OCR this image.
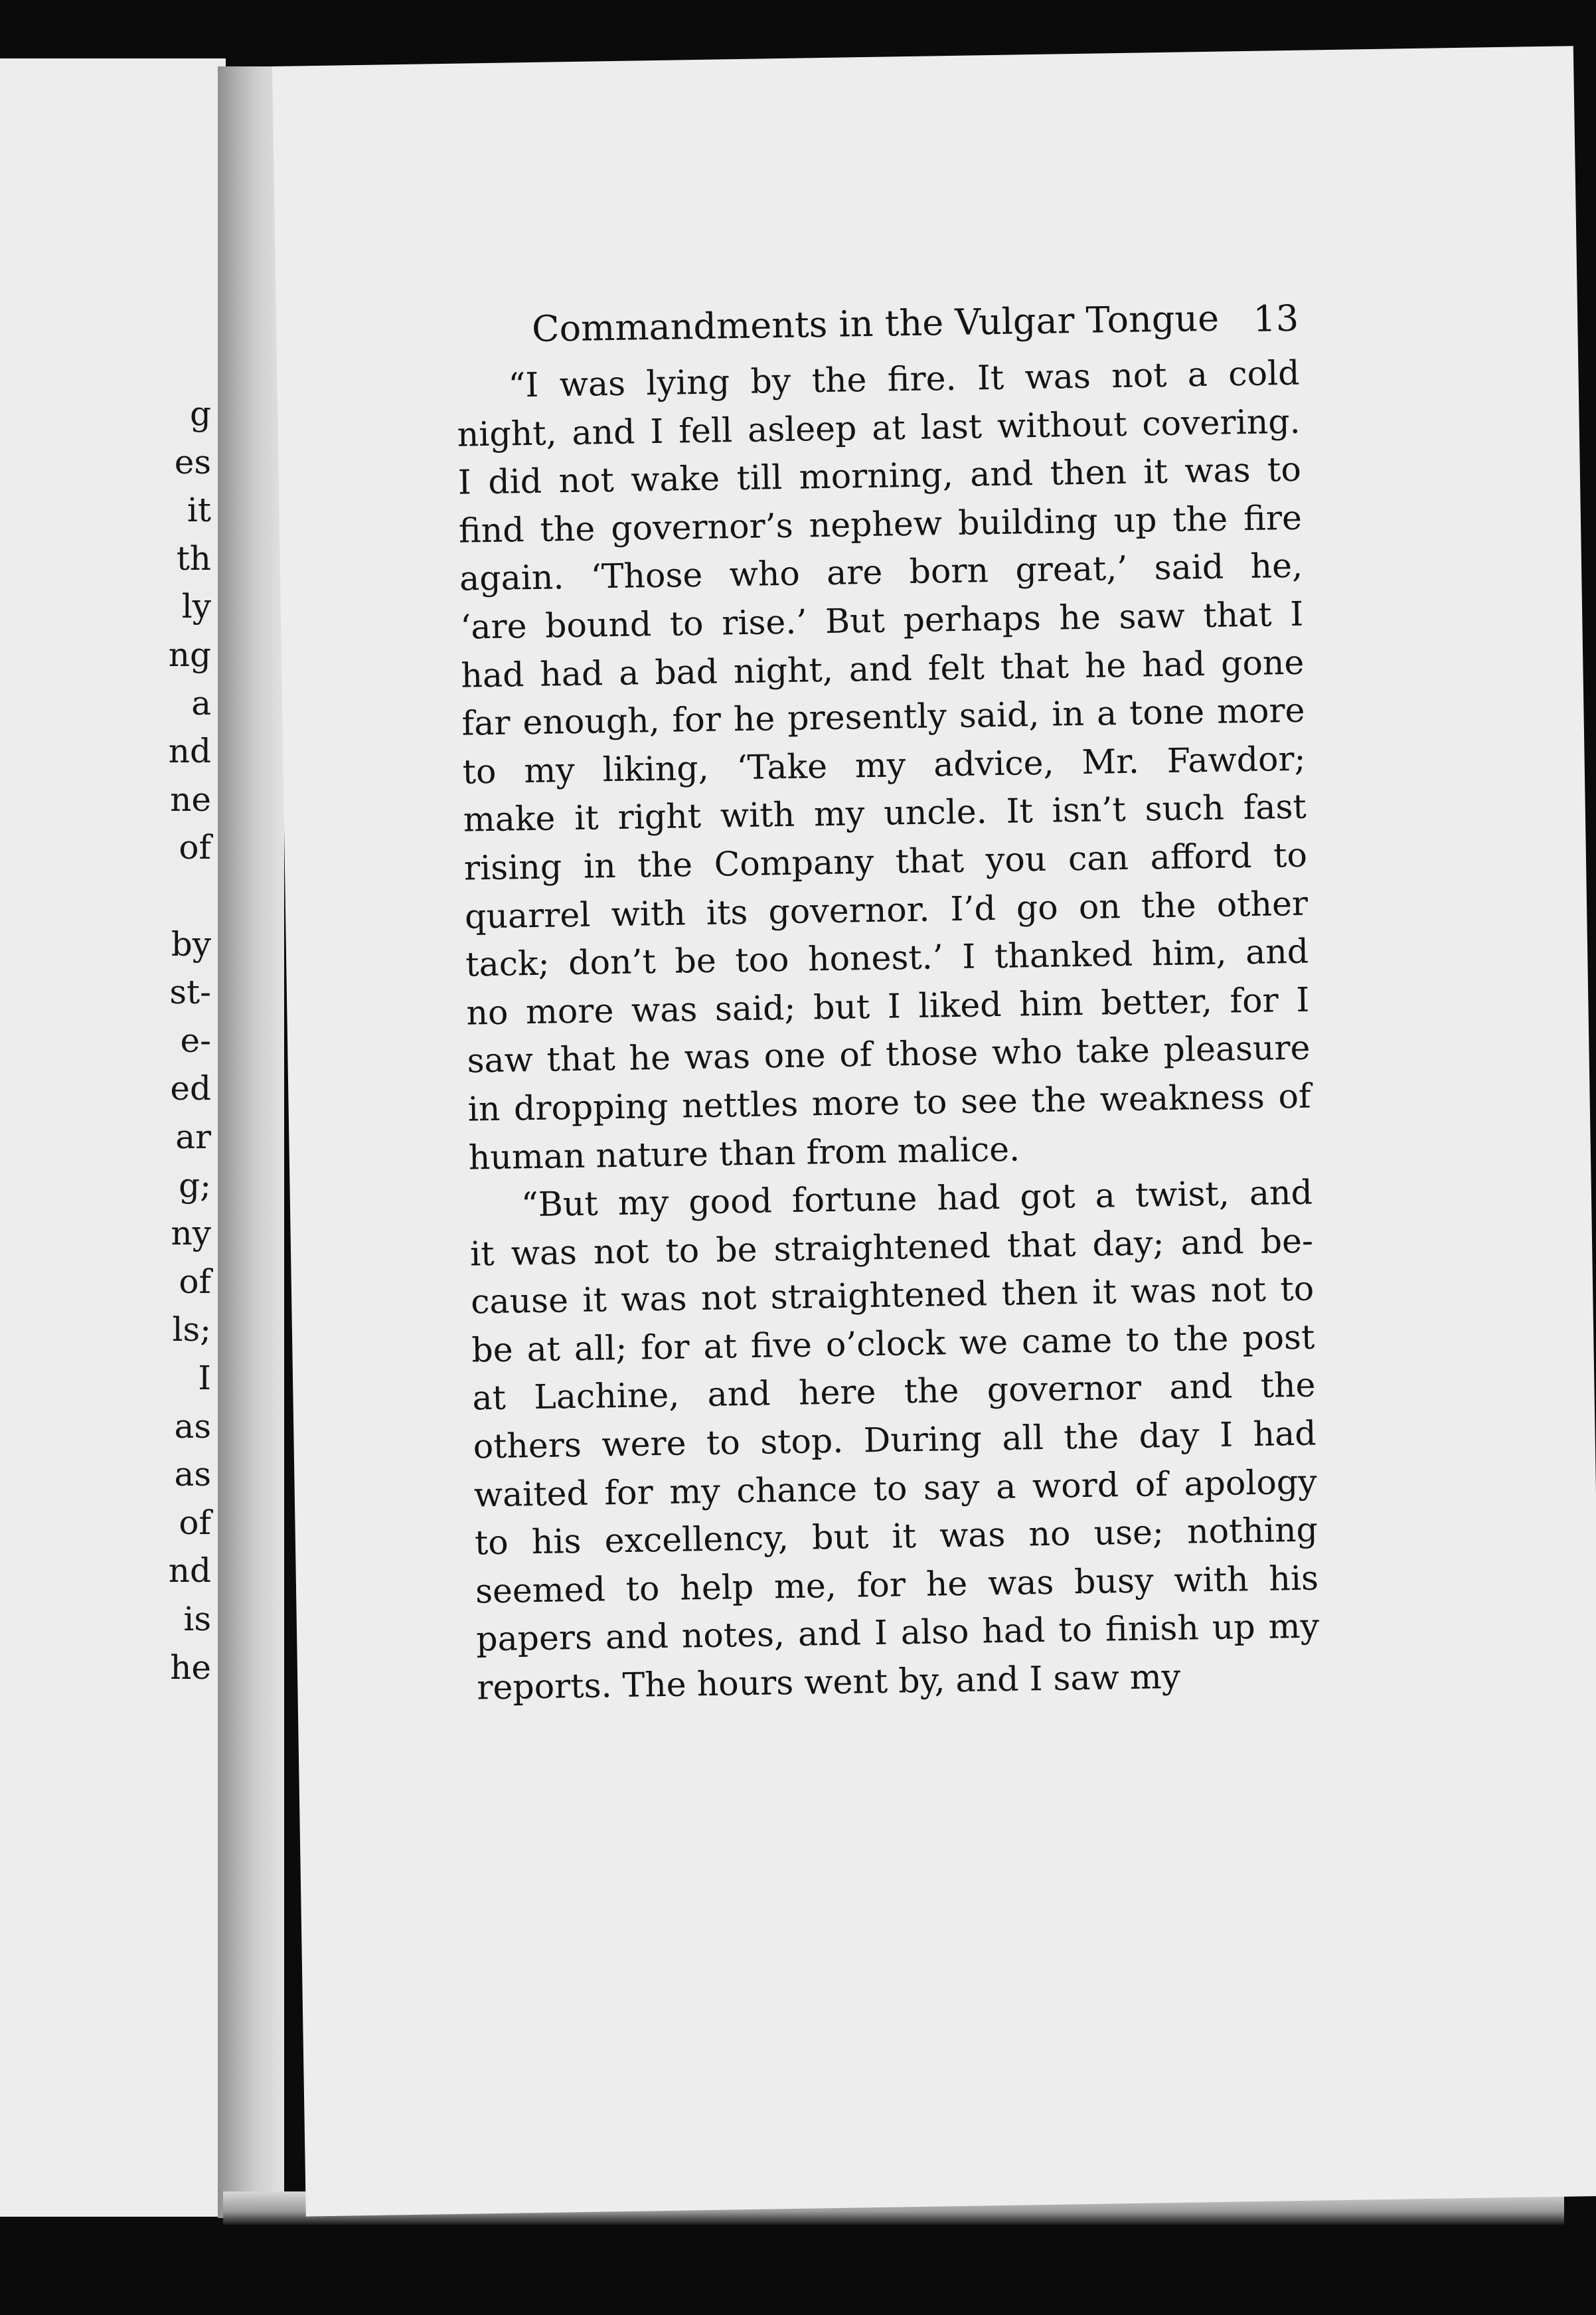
g
es
it
th
ly
ng
a
nd
ne
of
by
st-
e-
ed
ar
g;
ny
of
ls;
I
as
as
of
nd
is
he
Commandments in the Vulgar Tongue 13
“I was lying by the fire. It was not a cold
night, and I fell asleep at last without covering.
I did not wake till morning, and then it was to
find the governor’s nephew building up the fire
again. ‘Those who are born great,’ said he,
‘are bound to rise.’ But perhaps he saw that I
had had a bad night, and felt that he had gone
far enough, for he presently said, in a tone more
to my liking, ‘Take my advice, Mr. Fawdor;
make it right with my uncle. It isn’t such fast
rising in the Company that you can afford to
quarrel with its governor. I’d go on the other
tack; don’t be too honest.’ I thanked him, and
no more was said; but I liked him better, for I
saw that he was one of those who take pleasure
in dropping nettles more to see the weakness of
human nature than from malice.
“But my good fortune had got a twist, and
it was not to be straightened that day; and be-
cause it was not straightened then it was not to
be at all; for at five o’clock we came to the post
at Lachine, and here the governor and the
others were to stop. During all the day I had
waited for my chance to say a word of apology
to his excellency, but it was no use; nothing
seemed to help me, for he was busy with his
papers and notes, and I also had to finish up my
reports. The hours went by, and I saw my
